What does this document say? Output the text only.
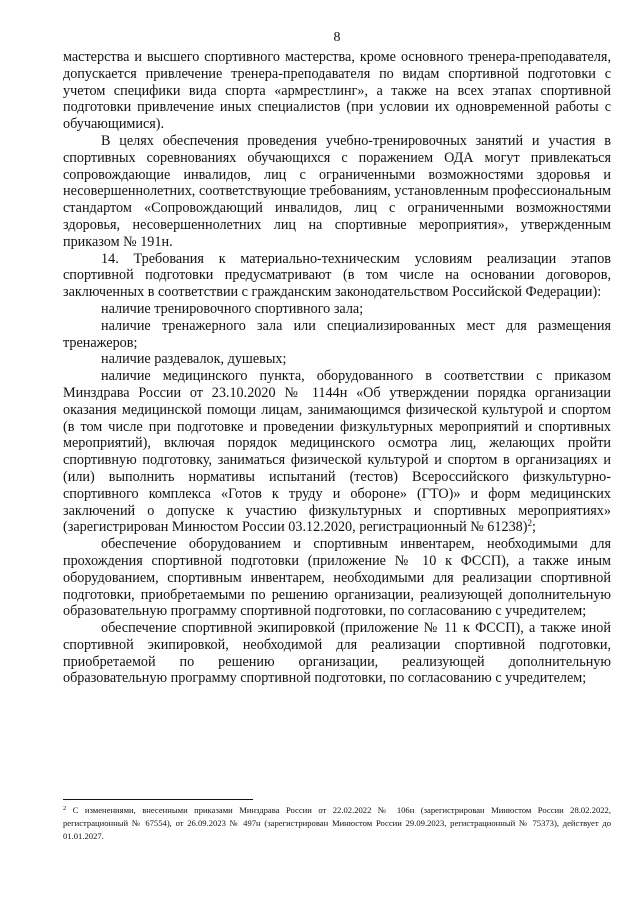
8

мастерства и высшего спортивного мастерства, кроме основного тренера-преподавателя, допускается привлечение тренера-преподавателя по видам спортивной подготовки с учетом специфики вида спорта «армрестлинг», а также на всех этапах спортивной подготовки привлечение иных специалистов (при условии их одновременной работы с обучающимися).

В целях обеспечения проведения учебно-тренировочных занятий и участия в спортивных соревнованиях обучающихся с поражением ОДА могут привлекаться сопровождающие инвалидов, лиц с ограниченными возможностями здоровья и несовершеннолетних, соответствующие требованиям, установленным профессиональным стандартом «Сопровождающий инвалидов, лиц с ограниченными возможностями здоровья, несовершеннолетних лиц на спортивные мероприятия», утвержденным приказом № 191н.

14. Требования к материально-техническим условиям реализации этапов спортивной подготовки предусматривают (в том числе на основании договоров, заключенных в соответствии с гражданским законодательством Российской Федерации):

наличие тренировочного спортивного зала;

наличие тренажерного зала или специализированных мест для размещения тренажеров;

наличие раздевалок, душевых;

наличие медицинского пункта, оборудованного в соответствии с приказом Минздрава России от 23.10.2020 № 1144н «Об утверждении порядка организации оказания медицинской помощи лицам, занимающимся физической культурой и спортом (в том числе при подготовке и проведении физкультурных мероприятий и спортивных мероприятий), включая порядок медицинского осмотра лиц, желающих пройти спортивную подготовку, заниматься физической культурой и спортом в организациях и (или) выполнить нормативы испытаний (тестов) Всероссийского физкультурно-спортивного комплекса «Готов к труду и обороне» (ГТО)» и форм медицинских заключений о допуске к участию физкультурных и спортивных мероприятиях» (зарегистрирован Минюстом России 03.12.2020, регистрационный № 61238)$^2$;

обеспечение оборудованием и спортивным инвентарем, необходимыми для прохождения спортивной подготовки (приложение № 10 к ФССП), а также иным оборудованием, спортивным инвентарем, необходимыми для реализации спортивной подготовки, приобретаемыми по решению организации, реализующей дополнительную образовательную программу спортивной подготовки, по согласованию с учредителем;

обеспечение спортивной экипировкой (приложение № 11 к ФССП), а также иной спортивной экипировкой, необходимой для реализации спортивной подготовки, приобретаемой по решению организации, реализующей дополнительную образовательную программу спортивной подготовки, по согласованию с учредителем;

$^2$ С изменениями, внесенными приказами Минздрава России от 22.02.2022 № 106н (зарегистрирован Минюстом России 28.02.2022, регистрационный № 67554), от 26.09.2023 № 497н (зарегистрирован Минюстом России 29.09.2023, регистрационный № 75373), действует до 01.01.2027.
